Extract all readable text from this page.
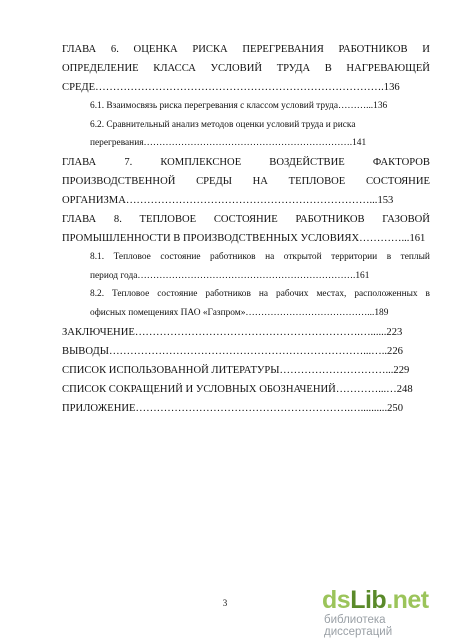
ГЛАВА 6. ОЦЕНКА РИСКА ПЕРЕГРЕВАНИЯ РАБОТНИКОВ И
ОПРЕДЕЛЕНИЕ КЛАССА УСЛОВИЙ ТРУДА В НАГРЕВАЮЩЕЙ
СРЕДЕ……………………………………………………………………….136
6.1. Взаимосвязь риска перегревания с классом условий труда………...136
6.2. Сравнительный анализ методов оценки условий труда и риска
перегревания………………………………………………………….141
ГЛАВА	7.	КОМПЛЕКСНОЕ	ВОЗДЕЙСТВИЕ	ФАКТОРОВ
ПРОИЗВОДСТВЕННОЙ СРЕДЫ НА ТЕПЛОВОЕ СОСТОЯНИЕ
ОРГАНИЗМА……………………………………………………………...153
ГЛАВА 8. ТЕПЛОВОЕ СОСТОЯНИЕ РАБОТНИКОВ ГАЗОВОЙ
ПРОМЫШЛЕННОСТИ В ПРОИЗВОДСТВЕННЫХ УСЛОВИЯХ…………...161
8.1. Тепловое состояние работников на открытой территории в теплый
период года…………………………………………………………….161
8.2. Тепловое состояние работников на рабочих местах, расположенных в
офисных помещениях ПАО «Газпром»…………………………………...189
ЗАКЛЮЧЕНИЕ……………………………………………………….…......223
ВЫВОДЫ………………………………………………………………...…..226
СПИСОК ИСПОЛЬЗОВАННОЙ ЛИТЕРАТУРЫ…………………………...229
СПИСОК СОКРАЩЕНИЙ И УСЛОВНЫХ ОБОЗНАЧЕНИЙ…………...…248
ПРИЛОЖЕНИЕ…………………………………………………….…..........250
3	dsLib.net
библиотека диссертаций
